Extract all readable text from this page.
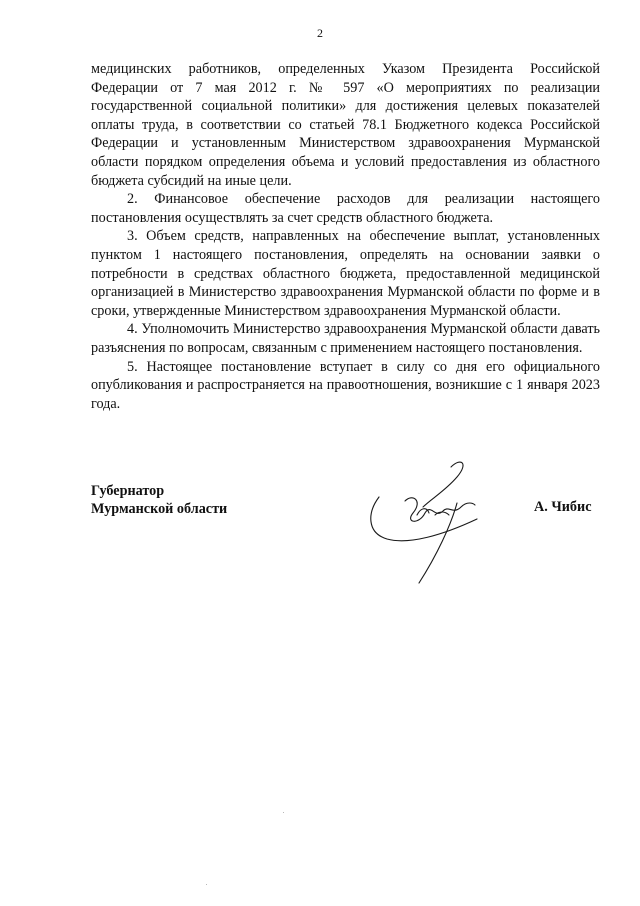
2

медицинских работников, определенных Указом Президента Российской Федерации от 7 мая 2012 г. № 597 «О мероприятиях по реализации государственной социальной политики» для достижения целевых показателей оплаты труда, в соответствии со статьей 78.1 Бюджетного кодекса Российской Федерации и установленным Министерством здравоохранения Мурманской области порядком определения объема и условий предоставления из областного бюджета субсидий на иные цели.

2. Финансовое обеспечение расходов для реализации настоящего постановления осуществлять за счет средств областного бюджета.

3. Объем средств, направленных на обеспечение выплат, установленных пунктом 1 настоящего постановления, определять на основании заявки о потребности в средствах областного бюджета, предоставленной медицинской организацией в Министерство здравоохранения Мурманской области по форме и в сроки, утвержденные Министерством здравоохранения Мурманской области.

4. Уполномочить Министерство здравоохранения Мурманской области давать разъяснения по вопросам, связанным с применением настоящего постановления.

5. Настоящее постановление вступает в силу со дня его официального опубликования и распространяется на правоотношения, возникшие с 1 января 2023 года.

Губернатор
Мурманской области	А. Чибис
